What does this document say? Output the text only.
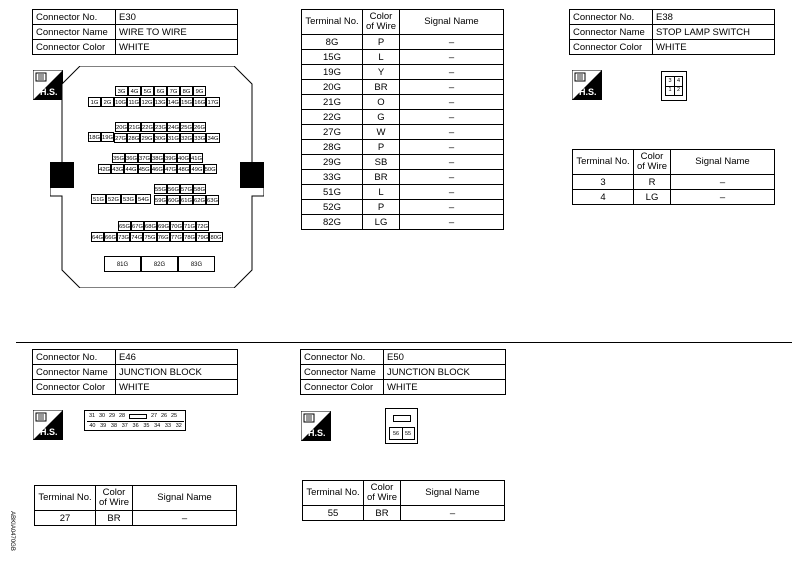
Connector No.	E30
Connector Name	WIRE TO WIRE
Connector Color	WHITE
H.S.	3G 4G 5G 6G 7G 8G 9G
1G 2G 10G 11G 12G 13G 14G 15G 16G 17G
20G 21G 22G 23G 24G 25G 26G
18G 19G 27G 28G 29G 30G 31G 32G 33G 34G
35G 36G 37G 38G 39G 40G 41G
42G 43G 44G 45G 46G 47G 48G 49G 50G
55G 56G 57G 58G
51G 52G 53G 54G	59G 60G 61G 62G 63G
65G 67G 68G 69G 70G 71G 72G
64G 66G 73G 74G 75G 76G 77G 78G 79G 80G
81G	82G	83G
Terminal No.	Color of Wire	Signal Name
8G	P	–
15G	L	–
19G	Y	–
20G	BR	–
21G	O	–
22G	G	–
27G	W	–
28G	P	–
29G	SB	–
33G	BR	–
51G	L	–
52G	P	–
82G	LG	–
Connector No.	E38
Connector Name	STOP LAMP SWITCH
Connector Color	WHITE
H.S.
3 4
1 2
Terminal No.	Color of Wire	Signal Name
3	R	–
4	LG	–
Connector No.	E46
Connector Name	JUNCTION BLOCK
Connector Color	WHITE
H.S.
31 30 29 28	27 26 25
40 39 38 37 36 35 34 33 32
Terminal No.	Color of Wire	Signal Name
27	BR	–
Connector No.	E50
Connector Name	JUNCTION BLOCK
Connector Color	WHITE
H.S.	56	55
Terminal No.	Color of Wire	Signal Name
55	BR	–
ABKIA0470GB
